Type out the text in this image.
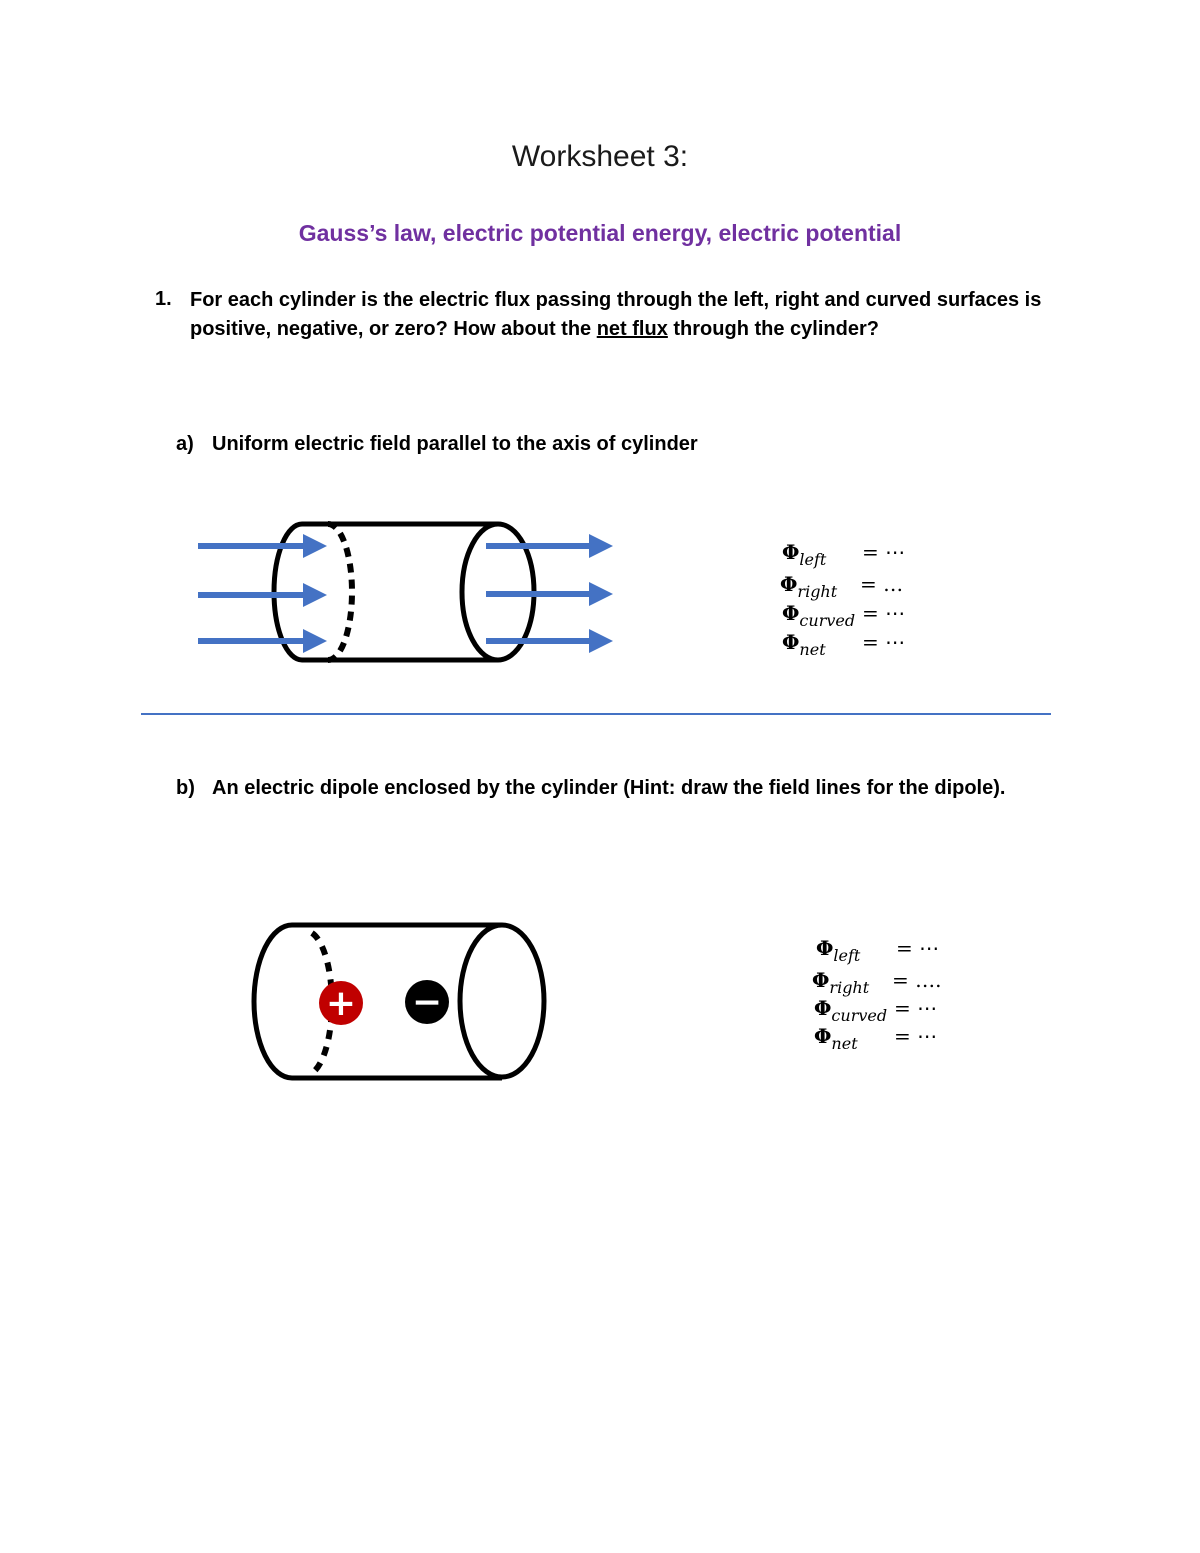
Worksheet 3:
Gauss’s law, electric potential energy, electric potential
1. For each cylinder is the electric flux passing through the left, right and curved surfaces is positive, negative, or zero? How about the net flux through the cylinder?
a) Uniform electric field parallel to the axis of cylinder
$\Phi_{left}$ = ⋯
$\Phi_{right}$ = …
$\Phi_{curved}$ = ⋯
$\Phi_{net}$ = ⋯
b) An electric dipole enclosed by the cylinder (Hint: draw the field lines for the dipole).
+ −
$\Phi_{left}$ = ⋯
$\Phi_{right}$ = ….
$\Phi_{curved}$ = ⋯
$\Phi_{net}$ = ⋯
